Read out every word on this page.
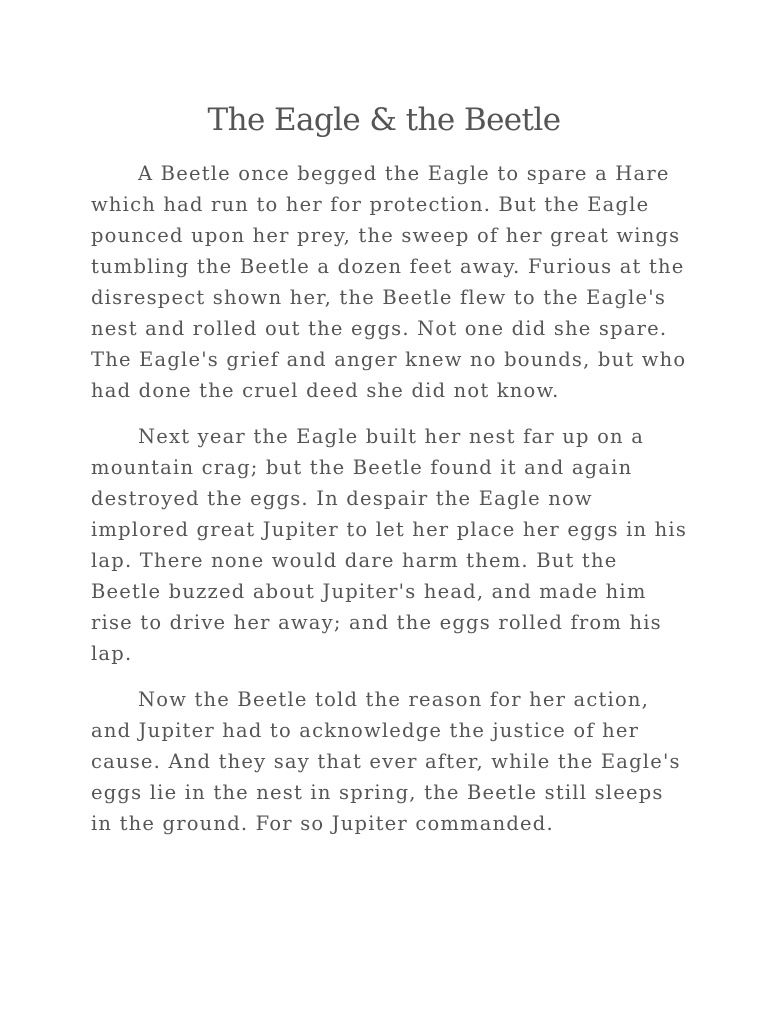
The Eagle & the Beetle

A Beetle once begged the Eagle to spare a Hare which had run to her for protection. But the Eagle pounced upon her prey, the sweep of her great wings tumbling the Beetle a dozen feet away. Furious at the disrespect shown her, the Beetle flew to the Eagle's nest and rolled out the eggs. Not one did she spare. The Eagle's grief and anger knew no bounds, but who had done the cruel deed she did not know.

Next year the Eagle built her nest far up on a mountain crag; but the Beetle found it and again destroyed the eggs. In despair the Eagle now implored great Jupiter to let her place her eggs in his lap. There none would dare harm them. But the Beetle buzzed about Jupiter's head, and made him rise to drive her away; and the eggs rolled from his lap.

Now the Beetle told the reason for her action, and Jupiter had to acknowledge the justice of her cause. And they say that ever after, while the Eagle's eggs lie in the nest in spring, the Beetle still sleeps in the ground. For so Jupiter commanded.
